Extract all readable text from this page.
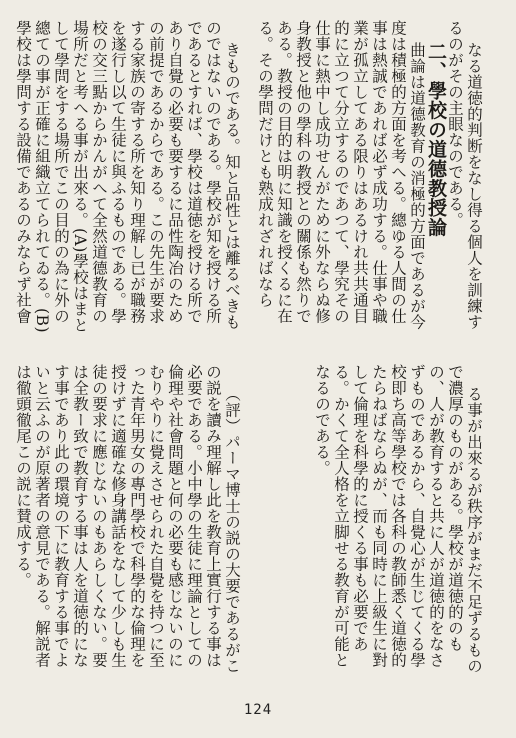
なる道徳的判断をなし得る個人を訓練するのがその主眼なのである。
二、學校の道德教授論
曲論は道德教育の消極的方面であるが今度は積極的方面を考へる。總ゆる人間の仕事は熱誠であれば必ず成功する。仕事や職業が孤立してある限りはあるけれ共共通目的に立つて分立するのであつて、學究その仕事に熱中し成功せんがために外ならぬ修身教授と他の學科の教授との關係も然りである。教授の目的は明に知識を授くるに在る。その學問だけとも熟成れざればなら

きものである。知と品性とは離るべきものではないのである。學校が知を授ける所であるとすれば、學校は道徳を授ける所であり自覺の必要も要するに品性陶冶のための前提であるからである。この先生が要求する家族の寄する所を知り理解し已が職務を遂行し以て生徒に與ふるものである。學校の交三點からかんがへて全然道德教育の場所だと考へる事が出來る。(A)學校はまとして學問をする場所でこの目的の為に外の總ての事が正確に組織立てられてゐる。(B)學校は學問する設備であるのみならず社會

る事が出來るが秩序がまだ不足ずるもので濃厚のものがある。學校が道徳的のもの、人が教育すると共に人が道徳的をなさずものであるから、自覺心が生じてくる學校即ち高等學校では各科の教師悉く道徳的たらねばならぬが、而も同時に上級生に對して倫理を科學的に授くる事も必要である。かくて全人格を立脚せる教育が可能となるのである。

（評）パーマ博士の説の大要であるがこの説を讀み理解し此を教育上實行する事は必要である。小中學の生徒に理論としての倫理や社會問題と何の必要も感じないのにむりやりに覺えさせられた自覺を持つに至った青年男女の專門學校で科學的な倫理を授けずに適確な修身講話をなして少しも生徒の要求に應じないのもあらしくない。要は全教ー致で教育する事は人を道徳的になす事であり此の環境の下に教育する事でよいと云ふのが原著者の意見である。解説者は徹頭徹尾この説に賛成する。

124
